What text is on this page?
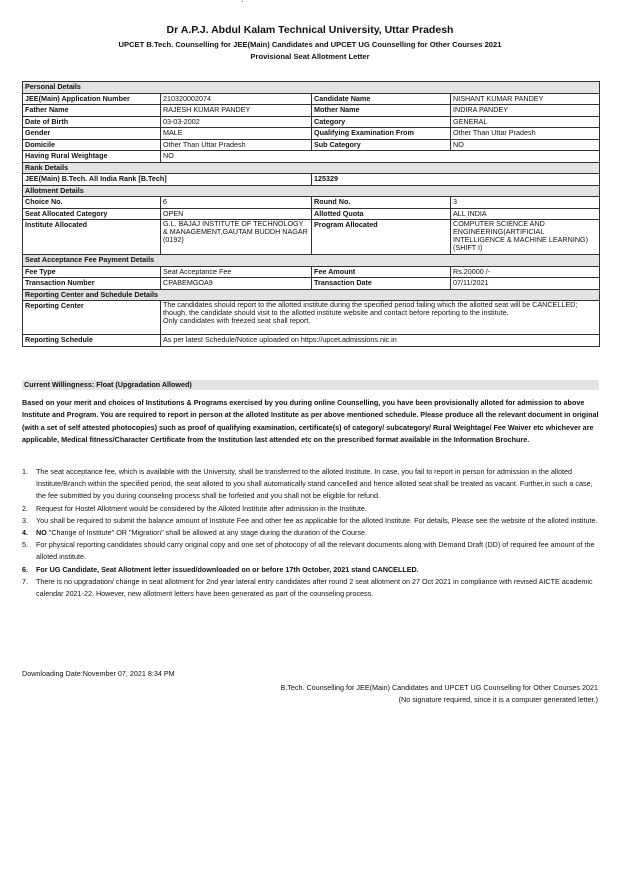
`
Dr A.P.J. Abdul Kalam Technical University, Uttar Pradesh
UPCET B.Tech. Counselling for JEE(Main) Candidates and UPCET UG Counselling for Other Courses 2021
Provisional Seat Allotment Letter
Personal Details			
JEE(Main) Application Number	210320002074	Candidate Name	NISHANT KUMAR PANDEY
Father Name	RAJESH KUMAR PANDEY	Mother Name	INDIRA PANDEY
Date of Birth	03-03-2002	Category	GENERAL
Gender	MALE	Qualifying Examination From	Other Than Uttar Pradesh
Domicile	Other Than Uttar Pradesh	Sub Category	NO
Having Rural Weightage	NO		
Rank Details			
JEE(Main) B.Tech. All India Rank [B.Tech]		125329	
Allotment Details			
Choice No.	6	Round No.	3
Seat Allocated Category	OPEN	Allotted Quota	ALL INDIA
Institute Allocated	G.L. BAJAJ INSTITUTE OF TECHNOLOGY & MANAGEMENT,GAUTAM BUDDH NAGAR (0192)	Program Allocated	COMPUTER SCIENCE AND ENGINEERING(ARTIFICIAL INTELLIGENCE & MACHINE LEARNING) (SHIFT I)
Seat Acceptance Fee Payment Details			
Fee Type	Seat Acceptance Fee	Fee Amount	Rs.20000 /-
Transaction Number	CPABEMGOA9	Transaction Date	07/11/2021
Reporting Center and Schedule Details			
Reporting Center	The candidates should report to the allotted institute during the specified period failing which the allotted seat will be CANCELLED; though, the candidate should visit to the allotted institute website and contact before reporting to the institute.
Only candidates with freezed seat shall report.		

Reporting Schedule	As per latest Schedule/Notice uploaded on https://upcet.admissions.nic.in		
Current Willingness: Float (Upgradation Allowed)
Based on your merit and choices of Institutions & Programs exercised by you during online Counselling, you have been provisionally alloted for admission to above Institute and Program. You are required to report in person at the alloted Institute as per above mentioned schedule. Please produce all the relevant document in original (with a set of self attested photocopies) such as proof of qualifying examination, certificate(s) of category/ subcategory/ Rural Weightage/ Fee Waiver etc whichever are applicable, Medical fitness/Character Certificate from the Institution last attended etc on the prescribed format available in the Information Brochure.
1. The seat acceptance fee, which is available with the University, shall be transferred to the alloted Institute. In case, you fail to report in person for admission in the alloted Institute/Branch within the specified period, the seat alloted to you shall automatically stand cancelled and hence alloted seat shall be treated as vacant. Further,in such a case, the fee submitted by you during counseling process shall be forfeited and you shall not be eligible for refund.
2. Request for Hostel Allotment would be considered by the Alloted Institute after admission in the Institute.
3. You shall be required to submit the balance amount of Institute Fee and other fee as applicable for the alloted Institute. For details, Please see the website of the alloted institute.
4. NO "Change of Institute" OR "Migration" shall be allowed at any stage during the duration of the Course.
5. For physical reporting candidates should carry original copy and one set of photocopy of all the relevant documents along with Demand Draft (DD) of required fee amount of the alloted institute.
6. For UG Candidate, Seat Allotment letter issued/downloaded on or before 17th October, 2021 stand CANCELLED.
7. There is no upgradation/ change in seat allotment for 2nd year lateral entry candidates after round 2 seat allotment on 27 Oct 2021 in compliance with revised AICTE academic calendar 2021-22. However, new allotment letters have been generated as part of the counseling process.
Downloading Date:November 07, 2021 8:34 PM
B.Tech. Counselling for JEE(Main) Candidates and UPCET UG Counselling for Other Courses 2021
(No signature required, since it is a computer generated letter.)
